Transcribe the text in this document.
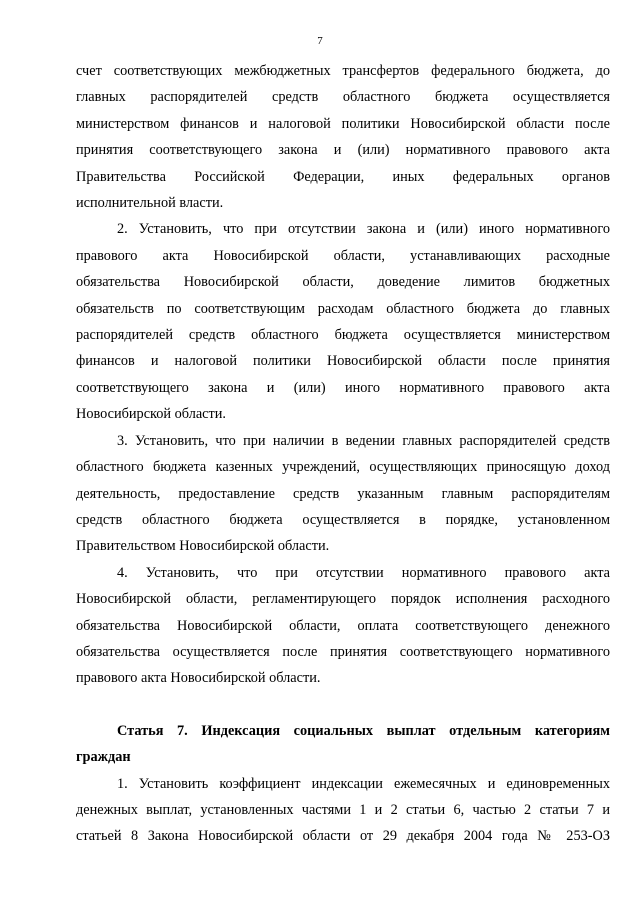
7

счет соответствующих межбюджетных трансфертов федерального бюджета, до

главных распорядителей средств областного бюджета осуществляется

министерством финансов и налоговой политики Новосибирской области после

принятия соответствующего закона и (или) нормативного правового акта

Правительства Российской Федерации, иных федеральных органов

исполнительной власти.

2. Установить, что при отсутствии закона и (или) иного нормативного

правового акта Новосибирской области, устанавливающих расходные

обязательства Новосибирской области, доведение лимитов бюджетных

обязательств по соответствующим расходам областного бюджета до главных

распорядителей средств областного бюджета осуществляется министерством

финансов и налоговой политики Новосибирской области после принятия

соответствующего закона и (или) иного нормативного правового акта

Новосибирской области.

3. Установить, что при наличии в ведении главных распорядителей средств

областного бюджета казенных учреждений, осуществляющих приносящую доход

деятельность, предоставление средств указанным главным распорядителям

средств областного бюджета осуществляется в порядке, установленном

Правительством Новосибирской области.

4. Установить, что при отсутствии нормативного правового акта

Новосибирской области, регламентирующего порядок исполнения расходного

обязательства Новосибирской области, оплата соответствующего денежного

обязательства осуществляется после принятия соответствующего нормативного

правового акта Новосибирской области.

Статья 7. Индексация социальных выплат отдельным категориям

граждан

1. Установить коэффициент индексации ежемесячных и единовременных

денежных выплат, установленных частями 1 и 2 статьи 6, частью 2 статьи 7 и

статьей 8 Закона Новосибирской области от 29 декабря 2004 года № 253-ОЗ
